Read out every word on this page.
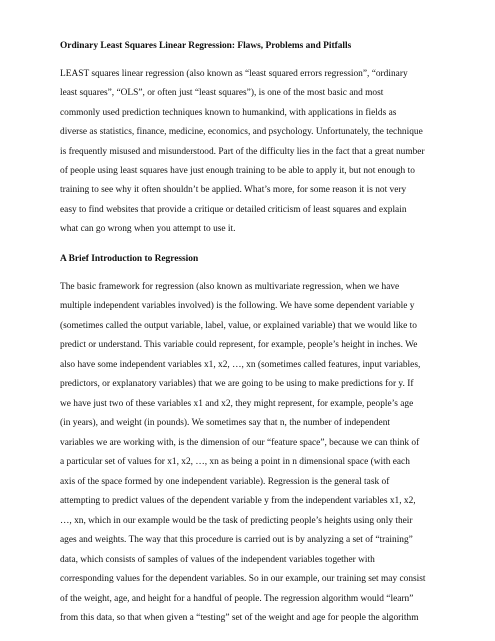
Ordinary Least Squares Linear Regression: Flaws, Problems and Pitfalls
LEAST squares linear regression (also known as “least squared errors regression”, “ordinary
least squares”, “OLS”, or often just “least squares”), is one of the most basic and most
commonly used prediction techniques known to humankind, with applications in fields as
diverse as statistics, finance, medicine, economics, and psychology. Unfortunately, the technique
is frequently misused and misunderstood. Part of the difficulty lies in the fact that a great number
of people using least squares have just enough training to be able to apply it, but not enough to
training to see why it often shouldn’t be applied. What’s more, for some reason it is not very
easy to find websites that provide a critique or detailed criticism of least squares and explain
what can go wrong when you attempt to use it.
A Brief Introduction to Regression
The basic framework for regression (also known as multivariate regression, when we have
multiple independent variables involved) is the following. We have some dependent variable y
(sometimes called the output variable, label, value, or explained variable) that we would like to
predict or understand. This variable could represent, for example, people’s height in inches. We
also have some independent variables x1, x2, …, xn (sometimes called features, input variables,
predictors, or explanatory variables) that we are going to be using to make predictions for y. If
we have just two of these variables x1 and x2, they might represent, for example, people’s age
(in years), and weight (in pounds). We sometimes say that n, the number of independent
variables we are working with, is the dimension of our “feature space”, because we can think of
a particular set of values for x1, x2, …, xn as being a point in n dimensional space (with each
axis of the space formed by one independent variable). Regression is the general task of
attempting to predict values of the dependent variable y from the independent variables x1, x2,
…, xn, which in our example would be the task of predicting people’s heights using only their
ages and weights. The way that this procedure is carried out is by analyzing a set of “training”
data, which consists of samples of values of the independent variables together with
corresponding values for the dependent variables. So in our example, our training set may consist
of the weight, age, and height for a handful of people. The regression algorithm would “learn”
from this data, so that when given a “testing” set of the weight and age for people the algorithm
